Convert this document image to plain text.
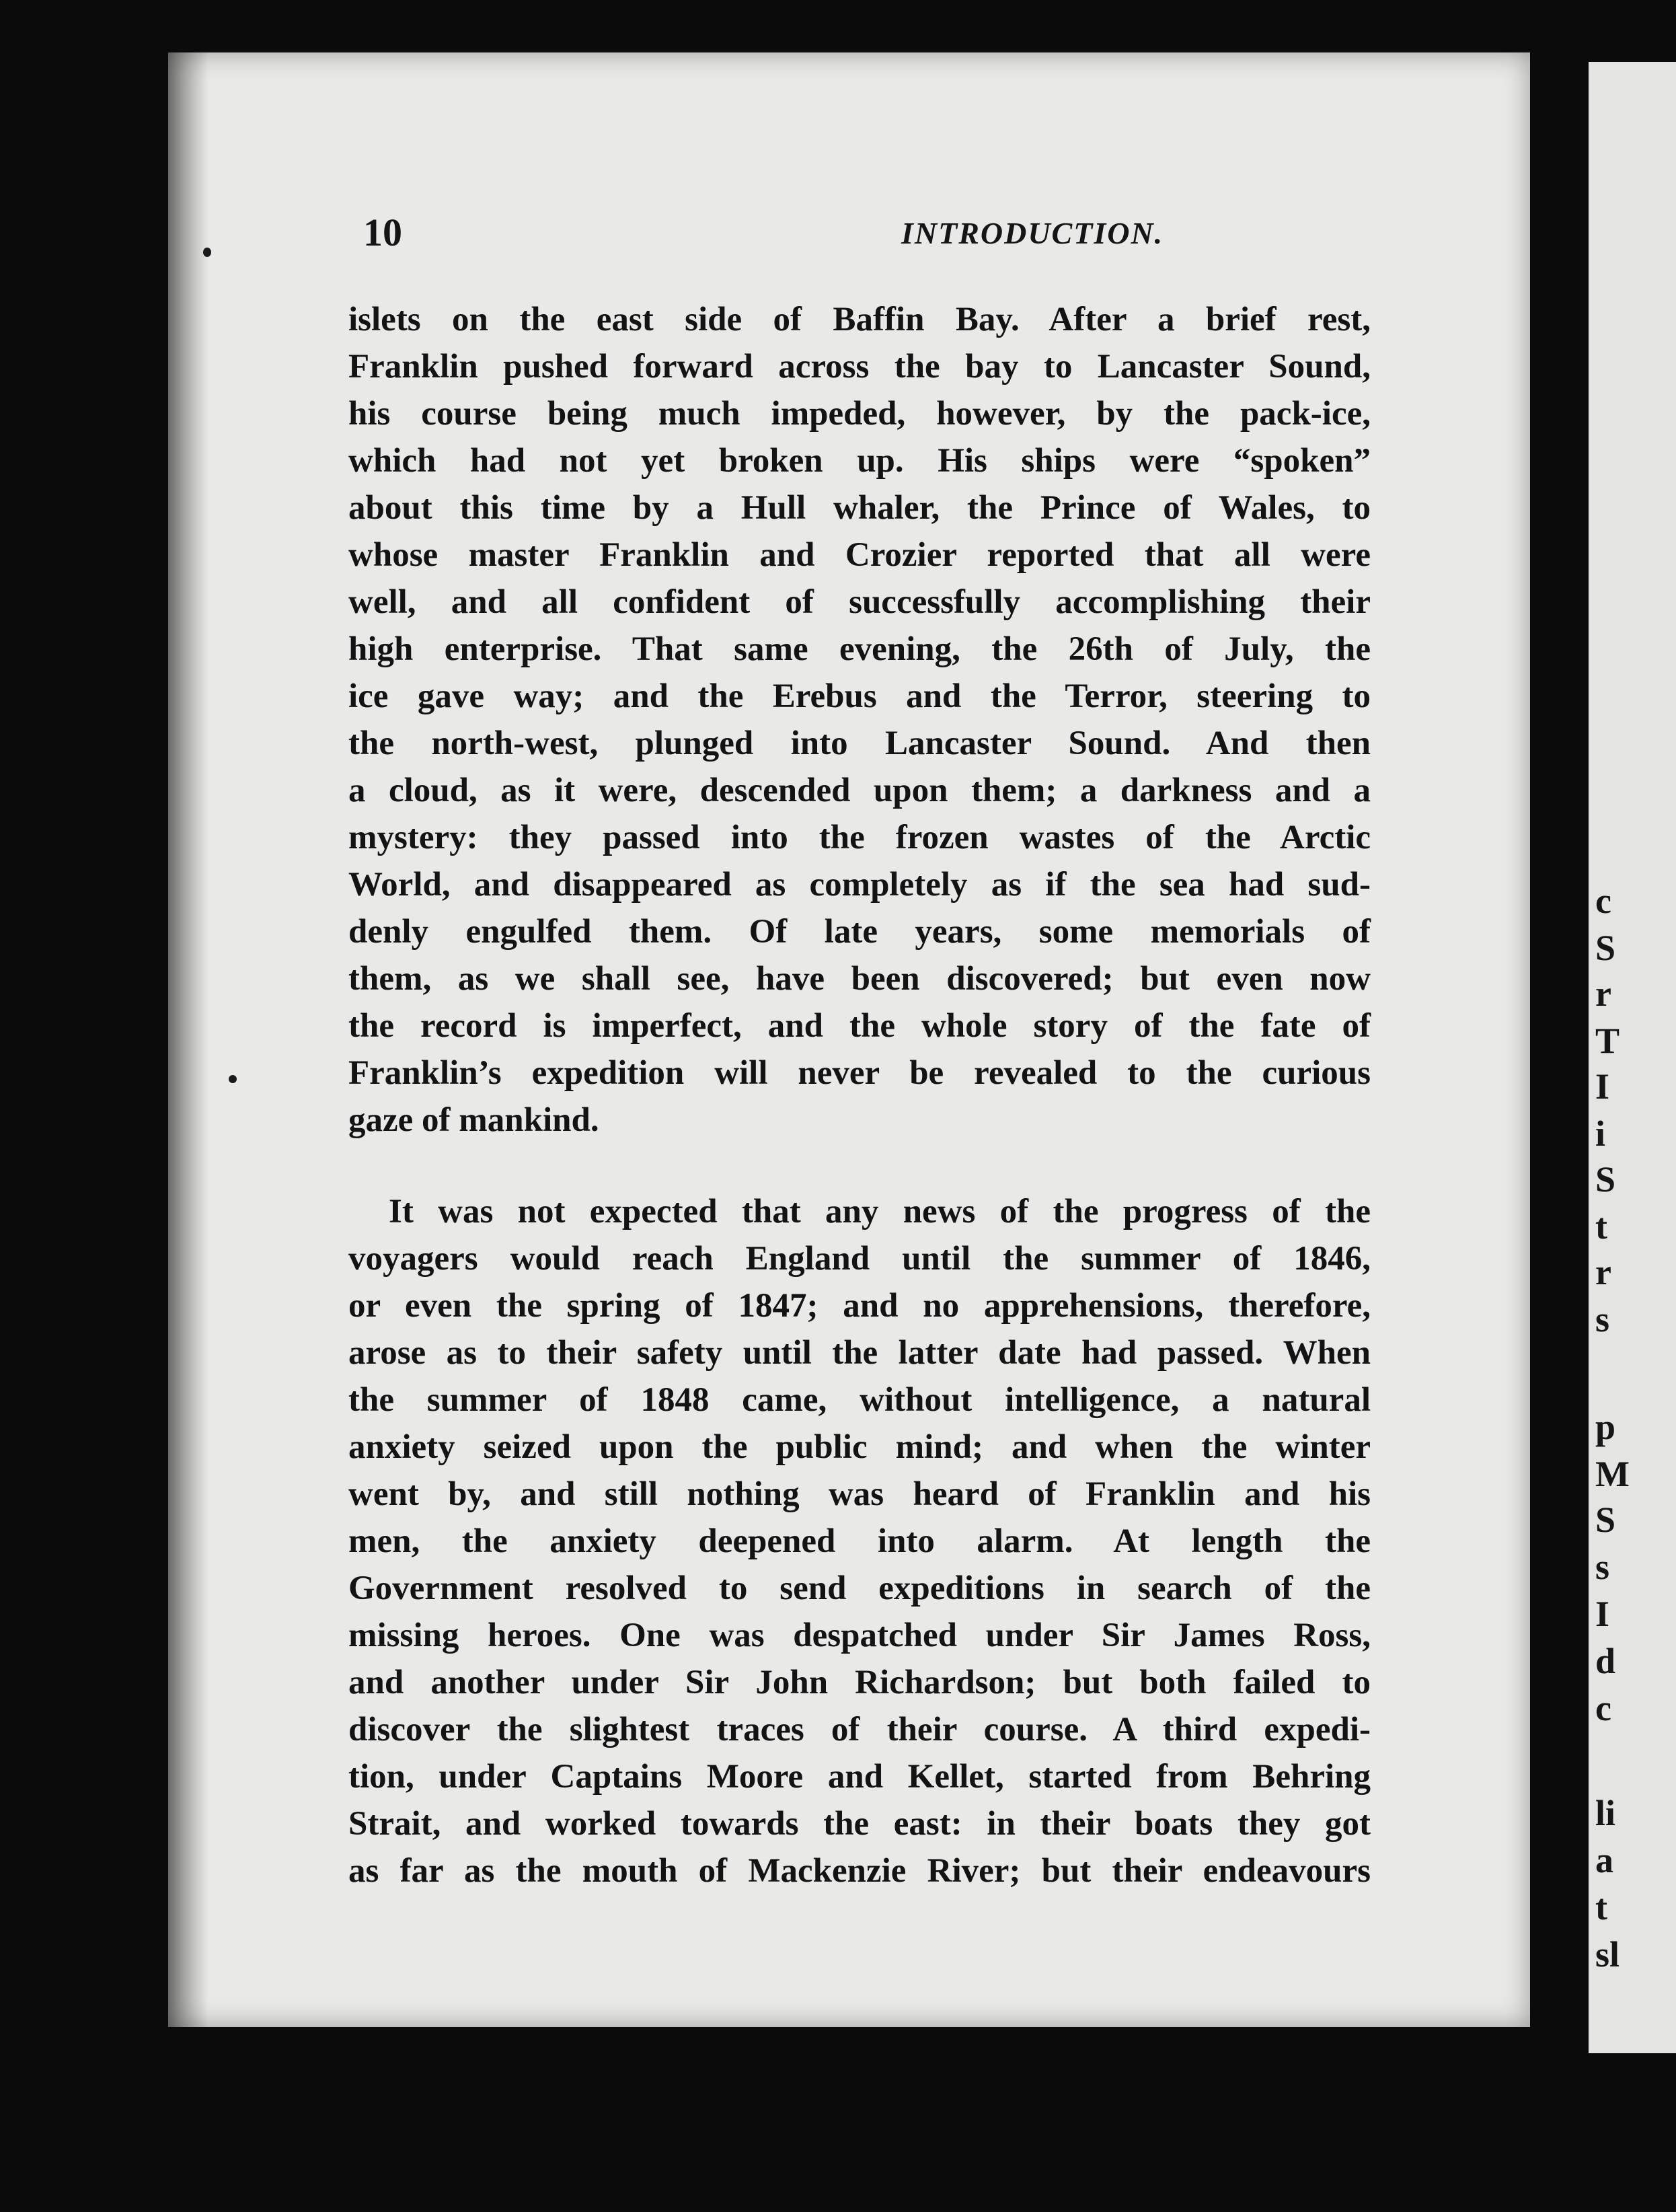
c
S
r
T
I
i
S
t
r
s
p
M
S
s
I
d
c
li
a
t
sl
10	INTRODUCTION.
islets on the east side of Baffin Bay. After a brief rest,
Franklin pushed forward across the bay to Lancaster Sound,
his course being much impeded, however, by the pack-ice,
which had not yet broken up. His ships were “spoken”
about this time by a Hull whaler, the Prince of Wales, to
whose master Franklin and Crozier reported that all were
well, and all confident of successfully accomplishing their
high enterprise. That same evening, the 26th of July, the
ice gave way; and the Erebus and the Terror, steering to
the north-west, plunged into Lancaster Sound. And then
a cloud, as it were, descended upon them; a darkness and a
mystery: they passed into the frozen wastes of the Arctic
World, and disappeared as completely as if the sea had sud-
denly engulfed them. Of late years, some memorials of
them, as we shall see, have been discovered; but even now
the record is imperfect, and the whole story of the fate of
Franklin’s expedition will never be revealed to the curious
gaze of mankind.
It was not expected that any news of the progress of the
voyagers would reach England until the summer of 1846,
or even the spring of 1847; and no apprehensions, therefore,
arose as to their safety until the latter date had passed. When
the summer of 1848 came, without intelligence, a natural
anxiety seized upon the public mind; and when the winter
went by, and still nothing was heard of Franklin and his
men, the anxiety deepened into alarm. At length the
Government resolved to send expeditions in search of the
missing heroes. One was despatched under Sir James Ross,
and another under Sir John Richardson; but both failed to
discover the slightest traces of their course. A third expedi-
tion, under Captains Moore and Kellet, started from Behring
Strait, and worked towards the east: in their boats they got
as far as the mouth of Mackenzie River; but their endeavours
